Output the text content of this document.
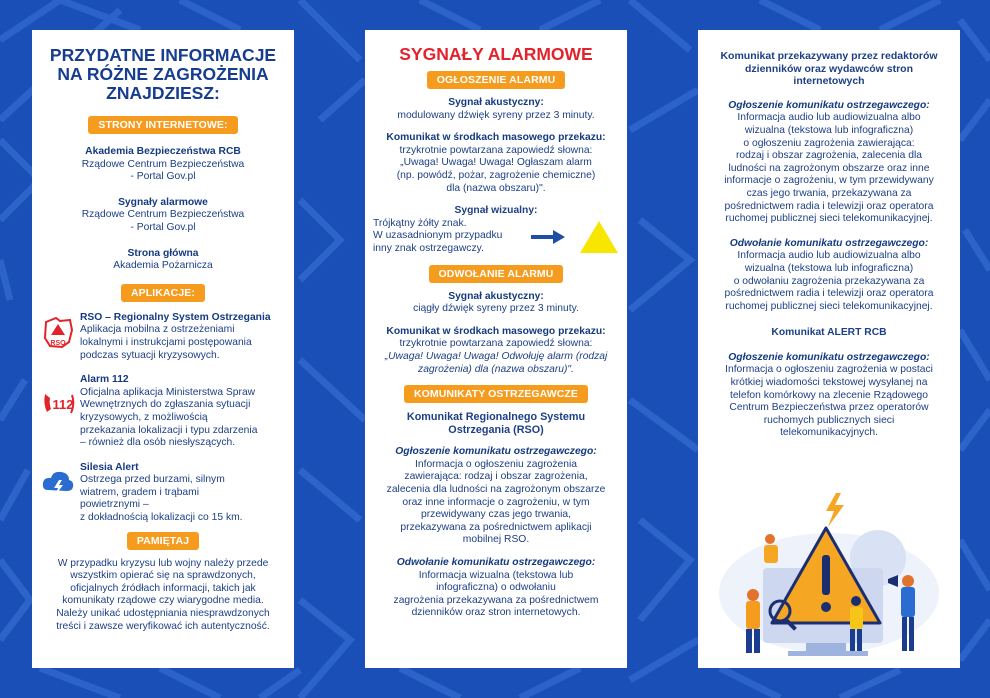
PRZYDATNE INFORMACJE
NA RÓŻNE ZAGROŻENIA
ZNAJDZIESZ:
STRONY INTERNETOWE:
Akademia Bezpieczeństwa RCB
Rządowe Centrum Bezpieczeństwa
- Portal Gov.pl
Sygnały alarmowe
Rządowe Centrum Bezpieczeństwa
- Portal Gov.pl
Strona główna
Akademia Pożarnicza
APLIKACJE:
RSO
RSO – Regionalny System Ostrzegania
Aplikacja mobilna z ostrzeżeniami
lokalnymi i instrukcjami postępowania
podczas sytuacji kryzysowych.
112
Alarm 112
Oficjalna aplikacja Ministerstwa Spraw
Wewnętrznych do zgłaszania sytuacji
kryzysowych, z możliwością
przekazania lokalizacji i typu zdarzenia
– również dla osób niesłyszących.
Silesia Alert
Ostrzega przed burzami, silnym
wiatrem, gradem i trąbami
powietrznymi –
z dokładnością lokalizacji co 15 km.
PAMIĘTAJ
W przypadku kryzysu lub wojny należy przede
wszystkim opierać się na sprawdzonych,
oficjalnych źródłach informacji, takich jak
komunikaty rządowe czy wiarygodne media.
Należy unikać udostępniania niesprawdzonych
treści i zawsze weryfikować ich autentyczność.
SYGNAŁY ALARMOWE
OGŁOSZENIE ALARMU
Sygnał akustyczny:
modulowany dźwięk syreny przez 3 minuty.
Komunikat w środkach masowego przekazu:
trzykrotnie powtarzana zapowiedź słowna:
„Uwaga! Uwaga! Uwaga! Ogłaszam alarm
(np. powódź, pożar, zagrożenie chemiczne)
dla (nazwa obszaru)".
Sygnał wizualny:
Trójkątny żółty znak.
W uzasadnionym przypadku
inny znak ostrzegawczy.
ODWOŁANIE ALARMU
Sygnał akustyczny:
ciągły dźwięk syreny przez 3 minuty.
Komunikat w środkach masowego przekazu:
trzykrotnie powtarzana zapowiedź słowna:
„Uwaga! Uwaga! Uwaga! Odwołuję alarm (rodzaj
zagrożenia) dla (nazwa obszaru)".
KOMUNIKATY OSTRZEGAWCZE
Komunikat Regionalnego Systemu
Ostrzegania (RSO)
Ogłoszenie komunikatu ostrzegawczego:
Informacja o ogłoszeniu zagrożenia
zawierająca: rodzaj i obszar zagrożenia,
zalecenia dla ludności na zagrożonym obszarze
oraz inne informacje o zagrożeniu, w tym
przewidywany czas jego trwania,
przekazywana za pośrednictwem aplikacji
mobilnej RSO.
Odwołanie komunikatu ostrzegawczego:
Informacja wizualna (tekstowa lub
infograficzna) o odwołaniu
zagrożenia przekazywana za pośrednictwem
dzienników oraz stron internetowych.
Komunikat przekazywany przez redaktorów
dzienników oraz wydawców stron
internetowych
Ogłoszenie komunikatu ostrzegawczego:
Informacja audio lub audiowizualna albo
wizualna (tekstowa lub infograficzna)
o ogłoszeniu zagrożenia zawierająca:
rodzaj i obszar zagrożenia, zalecenia dla
ludności na zagrożonym obszarze oraz inne
informacje o zagrożeniu, w tym przewidywany
czas jego trwania, przekazywana za
pośrednictwem radia i telewizji oraz operatora
ruchomej publicznej sieci telekomunikacyjnej.
Odwołanie komunikatu ostrzegawczego:
Informacja audio lub audiowizualna albo
wizualna (tekstowa lub infograficzna)
o odwołaniu zagrożenia przekazywana za
pośrednictwem radia i telewizji oraz operatora
ruchomej publicznej sieci telekomunikacyjnej.
Komunikat ALERT RCB
Ogłoszenie komunikatu ostrzegawczego:
Informacja o ogłoszeniu zagrożenia w postaci
krótkiej wiadomości tekstowej wysyłanej na
telefon komórkowy na zlecenie Rządowego
Centrum Bezpieczeństwa przez operatorów
ruchomych publicznych sieci
telekomunikacyjnych.
